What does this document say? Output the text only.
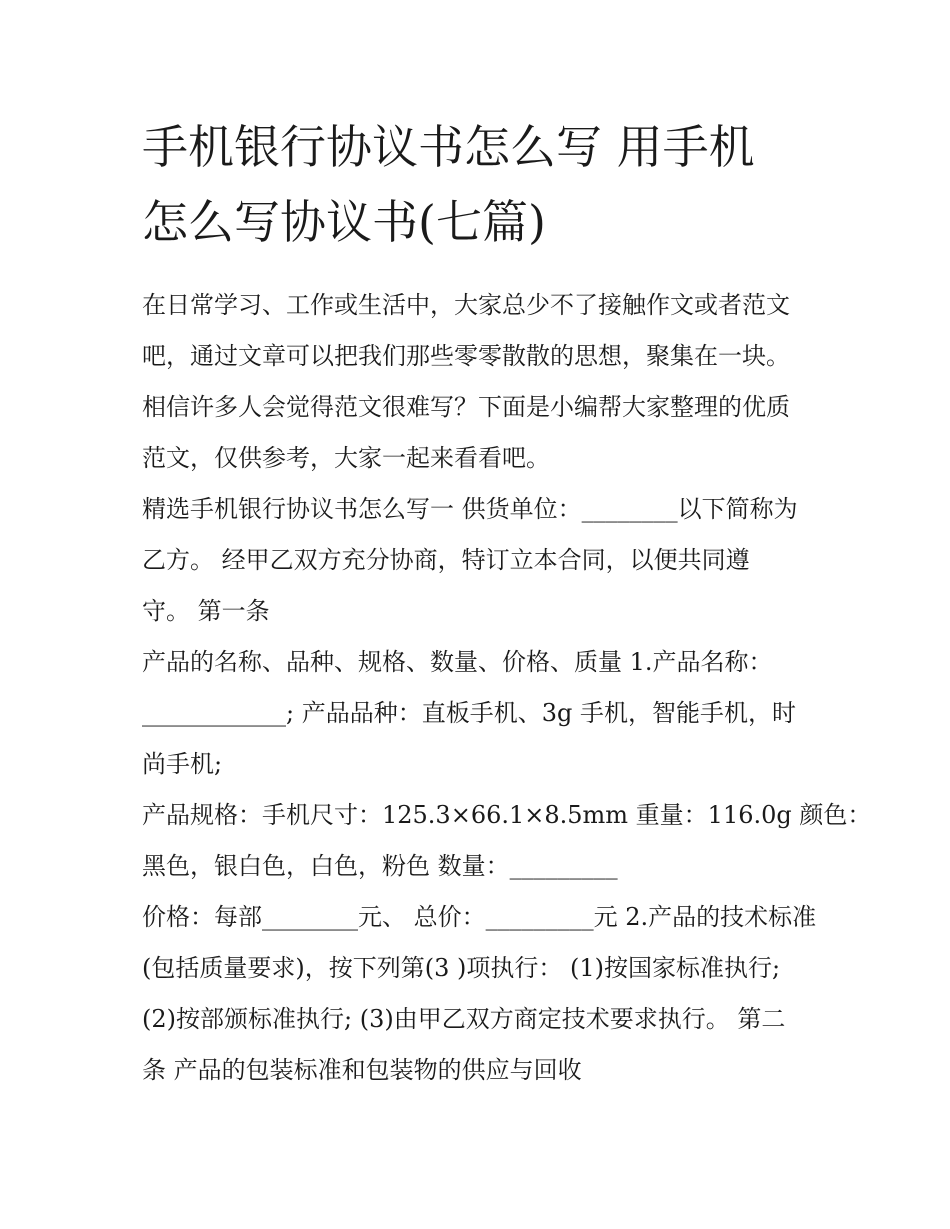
手机银行协议书怎么写 用手机
怎么写协议书(七篇)
在日常学习、工作或生活中，大家总少不了接触作文或者范文
吧，通过文章可以把我们那些零零散散的思想，聚集在一块。
相信许多人会觉得范文很难写？下面是小编帮大家整理的优质
范文，仅供参考，大家一起来看看吧。
精选手机银行协议书怎么写一 供货单位：________以下简称为
乙方。 经甲乙双方充分协商，特订立本合同，以便共同遵
守。 第一条
产品的名称、品种、规格、数量、价格、质量 1.产品名称：
____________; 产品品种：直板手机、3g 手机，智能手机，时
尚手机;
产品规格：手机尺寸：125.3×66.1×8.5mm 重量：116.0g 颜色：
黑色，银白色，白色，粉色 数量：_________
价格：每部________元、 总价：_________元 2.产品的技术标准
(包括质量要求)，按下列第(3 )项执行： (1)按国家标准执行;
(2)按部颁标准执行; (3)由甲乙双方商定技术要求执行。 第二
条 产品的包装标准和包装物的供应与回收
